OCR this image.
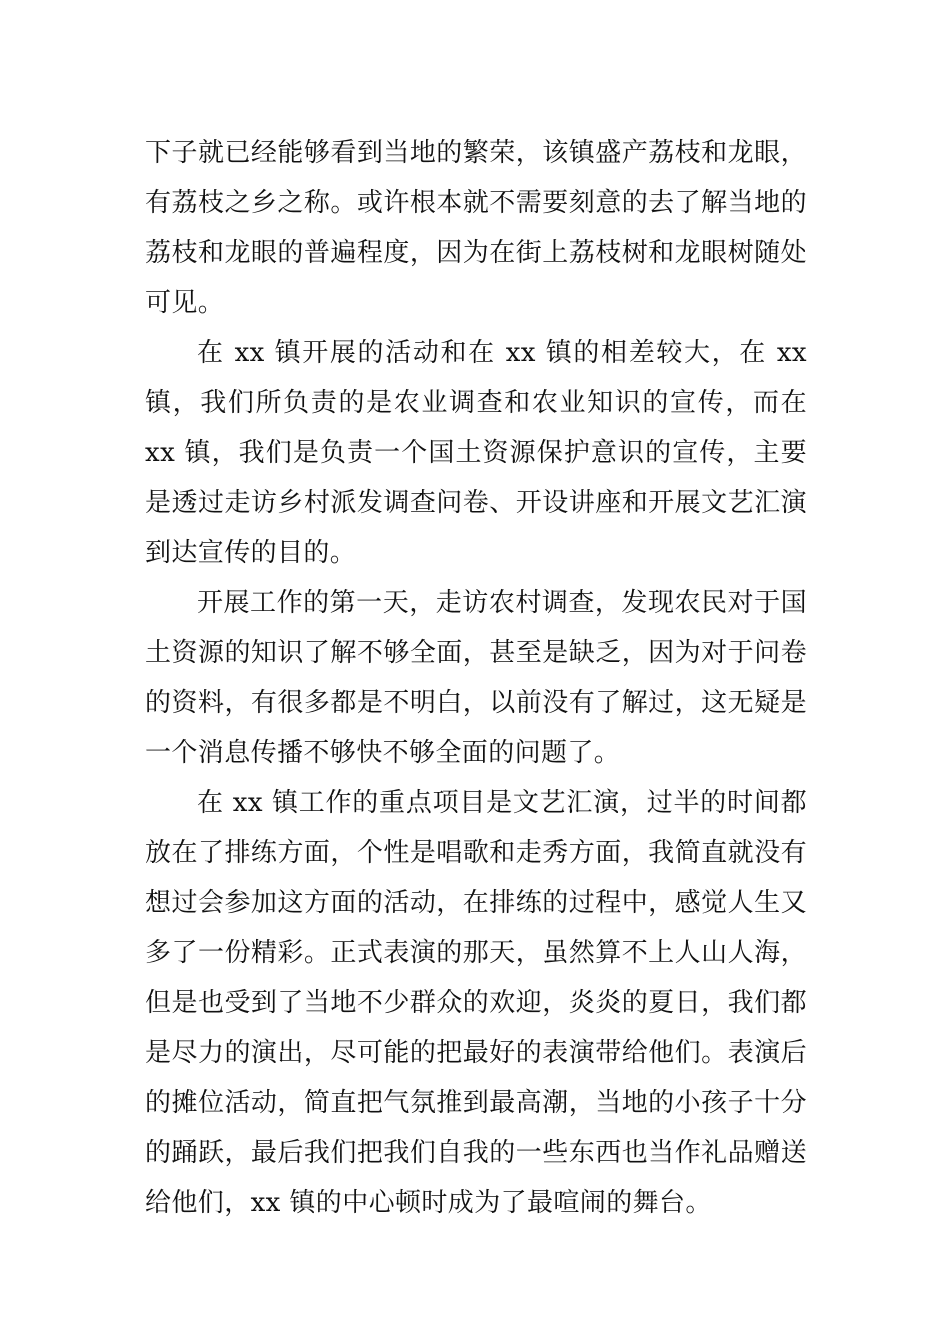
下子就已经能够看到当地的繁荣，该镇盛产荔枝和龙眼，有荔枝之乡之称。或许根本就不需要刻意的去了解当地的荔枝和龙眼的普遍程度，因为在街上荔枝树和龙眼树随处可见。

在 xx 镇开展的活动和在 xx 镇的相差较大，在 xx 镇，我们所负责的是农业调查和农业知识的宣传，而在 xx 镇，我们是负责一个国土资源保护意识的宣传，主要是透过走访乡村派发调查问卷、开设讲座和开展文艺汇演到达宣传的目的。

开展工作的第一天，走访农村调查，发现农民对于国土资源的知识了解不够全面，甚至是缺乏，因为对于问卷的资料，有很多都是不明白，以前没有了解过，这无疑是一个消息传播不够快不够全面的问题了。

在 xx 镇工作的重点项目是文艺汇演，过半的时间都放在了排练方面，个性是唱歌和走秀方面，我简直就没有想过会参加这方面的活动，在排练的过程中，感觉人生又多了一份精彩。正式表演的那天，虽然算不上人山人海，但是也受到了当地不少群众的欢迎，炎炎的夏日，我们都是尽力的演出，尽可能的把最好的表演带给他们。表演后的摊位活动，简直把气氛推到最高潮，当地的小孩子十分的踊跃，最后我们把我们自我的一些东西也当作礼品赠送给他们，xx 镇的中心顿时成为了最喧闹的舞台。
